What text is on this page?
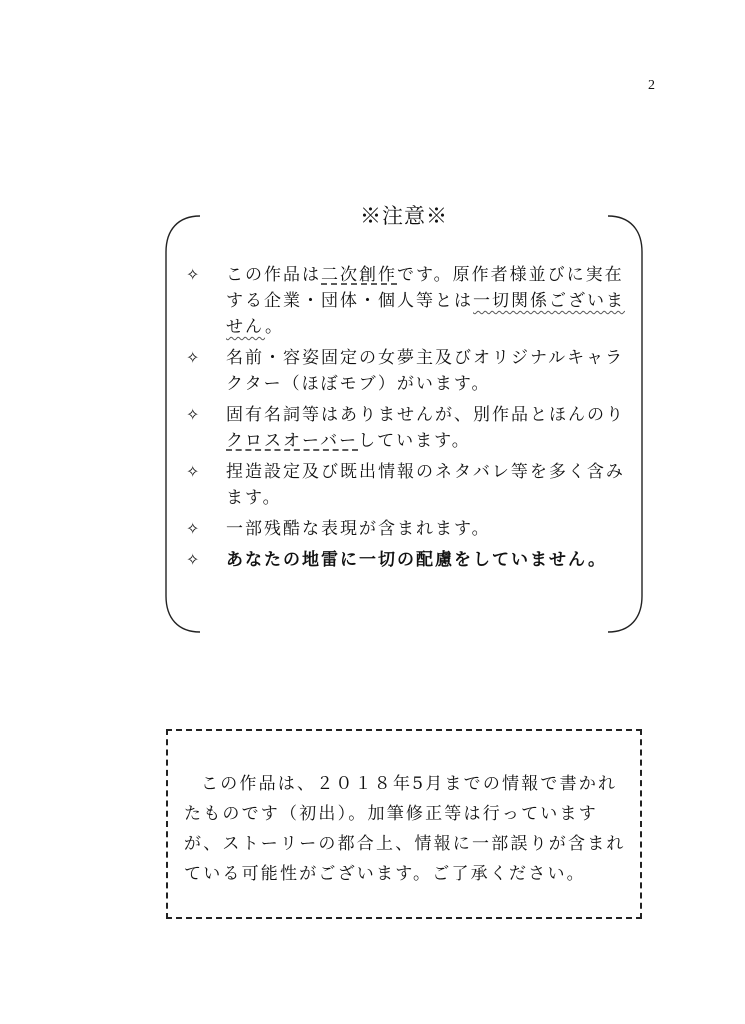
2
※注意※
✧	この作品は二次創作です。原作者様並びに実在する企業・団体・個人等とは一切関係ございません。
✧	名前・容姿固定の女夢主及びオリジナルキャラクター（ほぼモブ）がいます。
✧	固有名詞等はありませんが、別作品とほんのりクロスオーバーしています。
✧	捏造設定及び既出情報のネタバレ等を多く含みます。
✧	一部残酷な表現が含まれます。
✧	あなたの地雷に一切の配慮をしていません。

この作品は、２０１８年5月までの情報で書かれたものです（初出）。加筆修正等は行っていますが、ストーリーの都合上、情報に一部誤りが含まれている可能性がございます。ご了承ください。
